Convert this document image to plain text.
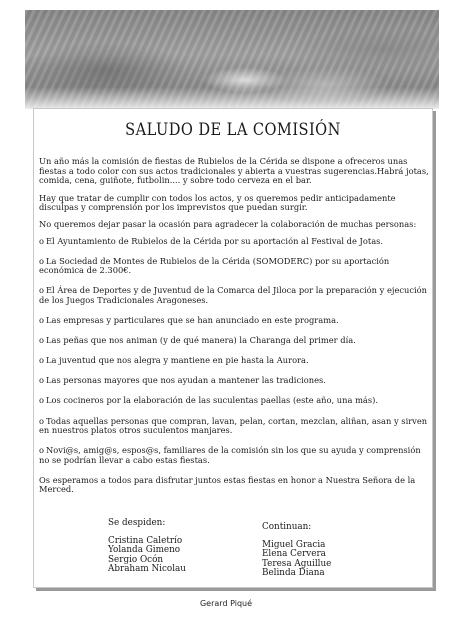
SALUDO DE LA COMISIÓN

Un año más la comisión de fiestas de Rubielos de la Cérida se dispone a ofreceros unas fiestas a todo color con sus actos tradicionales y abierta a vuestras sugerencias.Habrá jotas, comida, cena, guiñote, futbolin.... y sobre todo cerveza en el bar.

Hay que tratar de cumplir con todos los actos, y os queremos pedir anticipadamente disculpas y comprensión por los imprevistos que puedan surgir.

No queremos dejar pasar la ocasión para agradecer la colaboración de muchas personas:

o El Ayuntamiento de Rubielos de la Cérida por su aportación al Festival de Jotas.
o La Sociedad de Montes de Rubielos de la Cérida (SOMODERC) por su aportación económica de 2.300€.
o El Área de Deportes y de Juventud de la Comarca del Jiloca por la preparación y ejecución de los Juegos Tradicionales Aragoneses.
o Las empresas y particulares que se han anunciado en este programa.
o Las peñas que nos animan (y de qué manera) la Charanga del primer día.
o La juventud que nos alegra y mantiene en pie hasta la Aurora.
o Las personas mayores que nos ayudan a mantener las tradiciones.
o Los cocineros por la elaboración de las suculentas paellas (este año, una más).
o Todas aquellas personas que compran, lavan, pelan, cortan, mezclan, aliñan, asan y sirven en nuestros platos otros suculentos manjares.
o Novi@s, amig@s, espos@s, familiares de la comisión sin los que su ayuda y comprensión no se podrían llevar a cabo estas fiestas.

Os esperamos a todos para disfrutar juntos estas fiestas en honor a Nuestra Señora de la Merced.

Se despiden:
Cristina Caletrío
Yolanda Gimeno
Sergio Ocón
Abraham Nicolau
Continuan:
Miguel Gracia
Elena Cervera
Teresa Aguillue
Belinda Diana
Gerard Piqué
